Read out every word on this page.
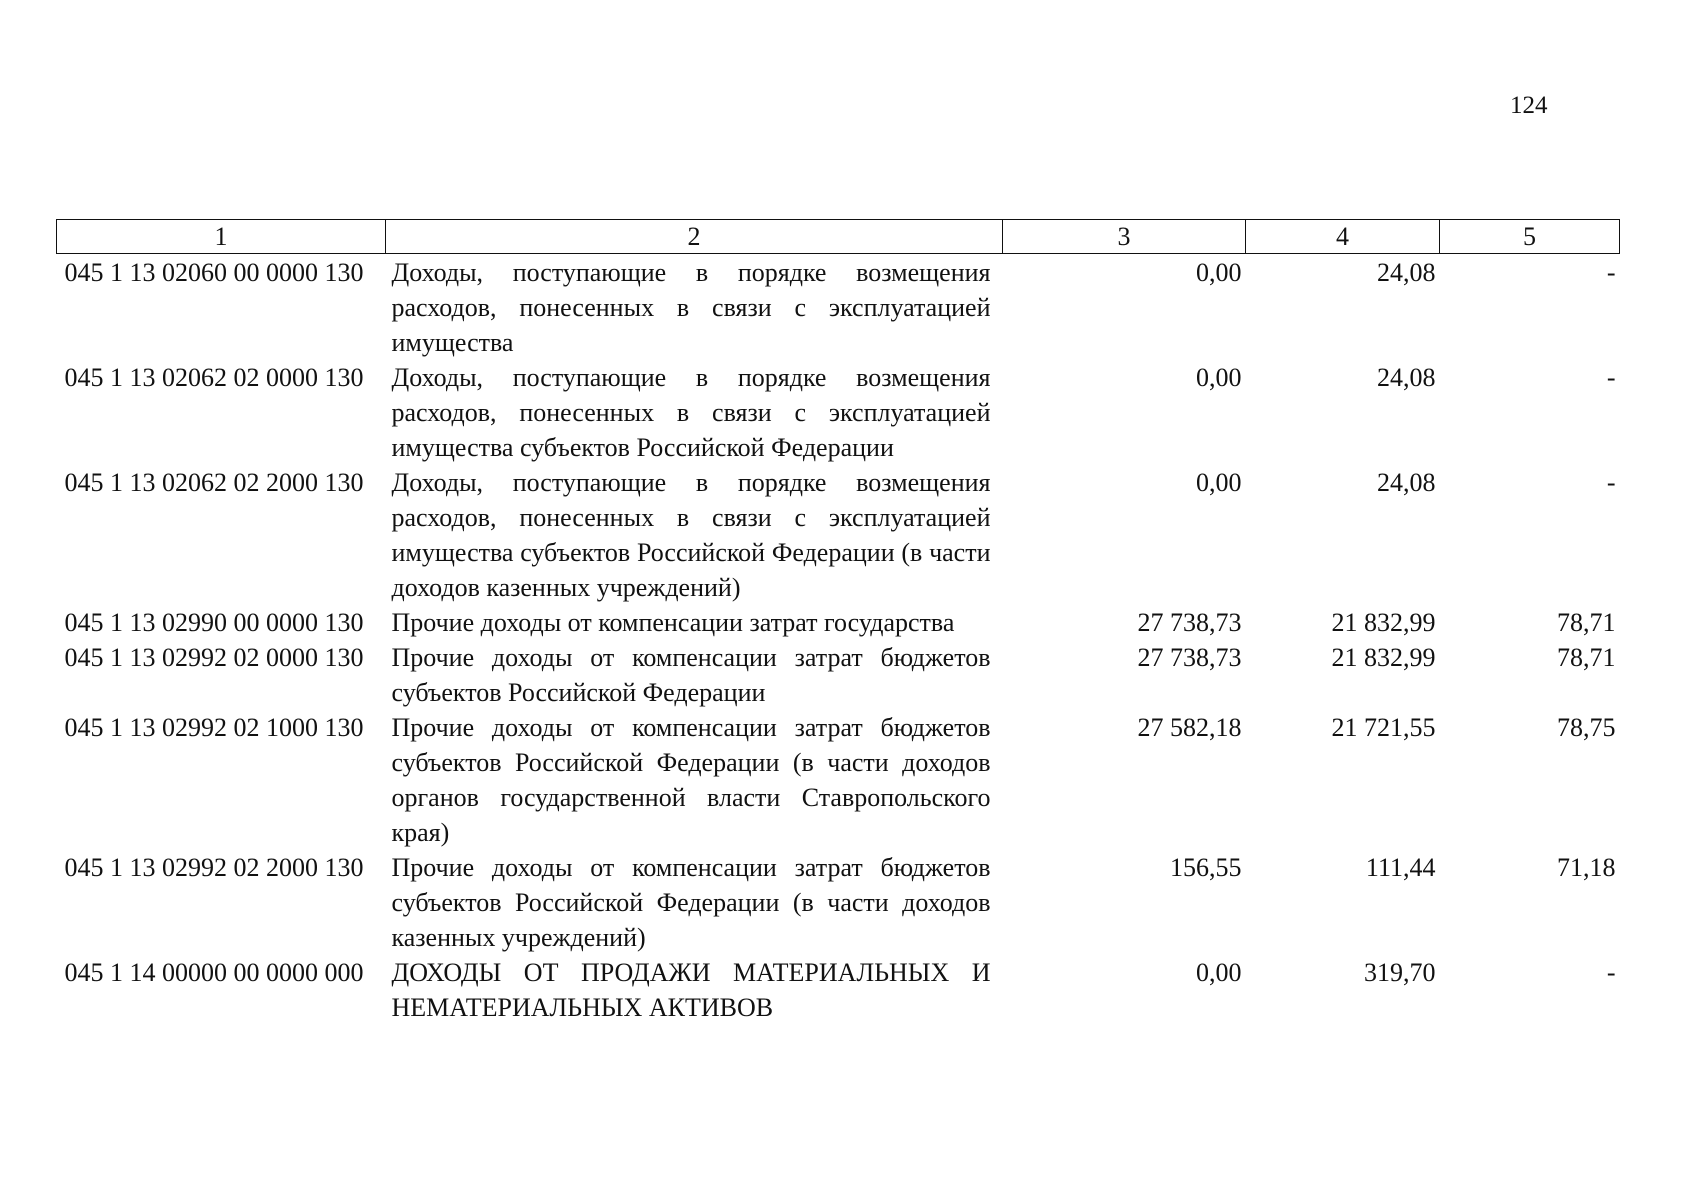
124
1	2	3	4	5
045 1 13 02060 00 0000 130	Доходы, поступающие в порядке возмещения расходов, понесенных в связи с эксплуатацией имущества	0,00	24,08	-
045 1 13 02062 02 0000 130	Доходы, поступающие в порядке возмещения расходов, понесенных в связи с эксплуатацией имущества субъектов Российской Федерации	0,00	24,08	-
045 1 13 02062 02 2000 130	Доходы, поступающие в порядке возмещения расходов, понесенных в связи с эксплуатацией имущества субъектов Российской Федерации (в части доходов казенных учреждений)	0,00	24,08	-
045 1 13 02990 00 0000 130	Прочие доходы от компенсации затрат государства	27 738,73	21 832,99	78,71
045 1 13 02992 02 0000 130	Прочие доходы от компенсации затрат бюджетов субъектов Российской Федерации	27 738,73	21 832,99	78,71
045 1 13 02992 02 1000 130	Прочие доходы от компенсации затрат бюджетов субъектов Российской Федерации (в части доходов органов государственной власти Ставропольского края)	27 582,18	21 721,55	78,75
045 1 13 02992 02 2000 130	Прочие доходы от компенсации затрат бюджетов субъектов Российской Федерации (в части доходов казенных учреждений)	156,55	111,44	71,18
045 1 14 00000 00 0000 000	ДОХОДЫ ОТ ПРОДАЖИ МАТЕРИАЛЬНЫХ И НЕМАТЕРИАЛЬНЫХ АКТИВОВ	0,00	319,70	-
